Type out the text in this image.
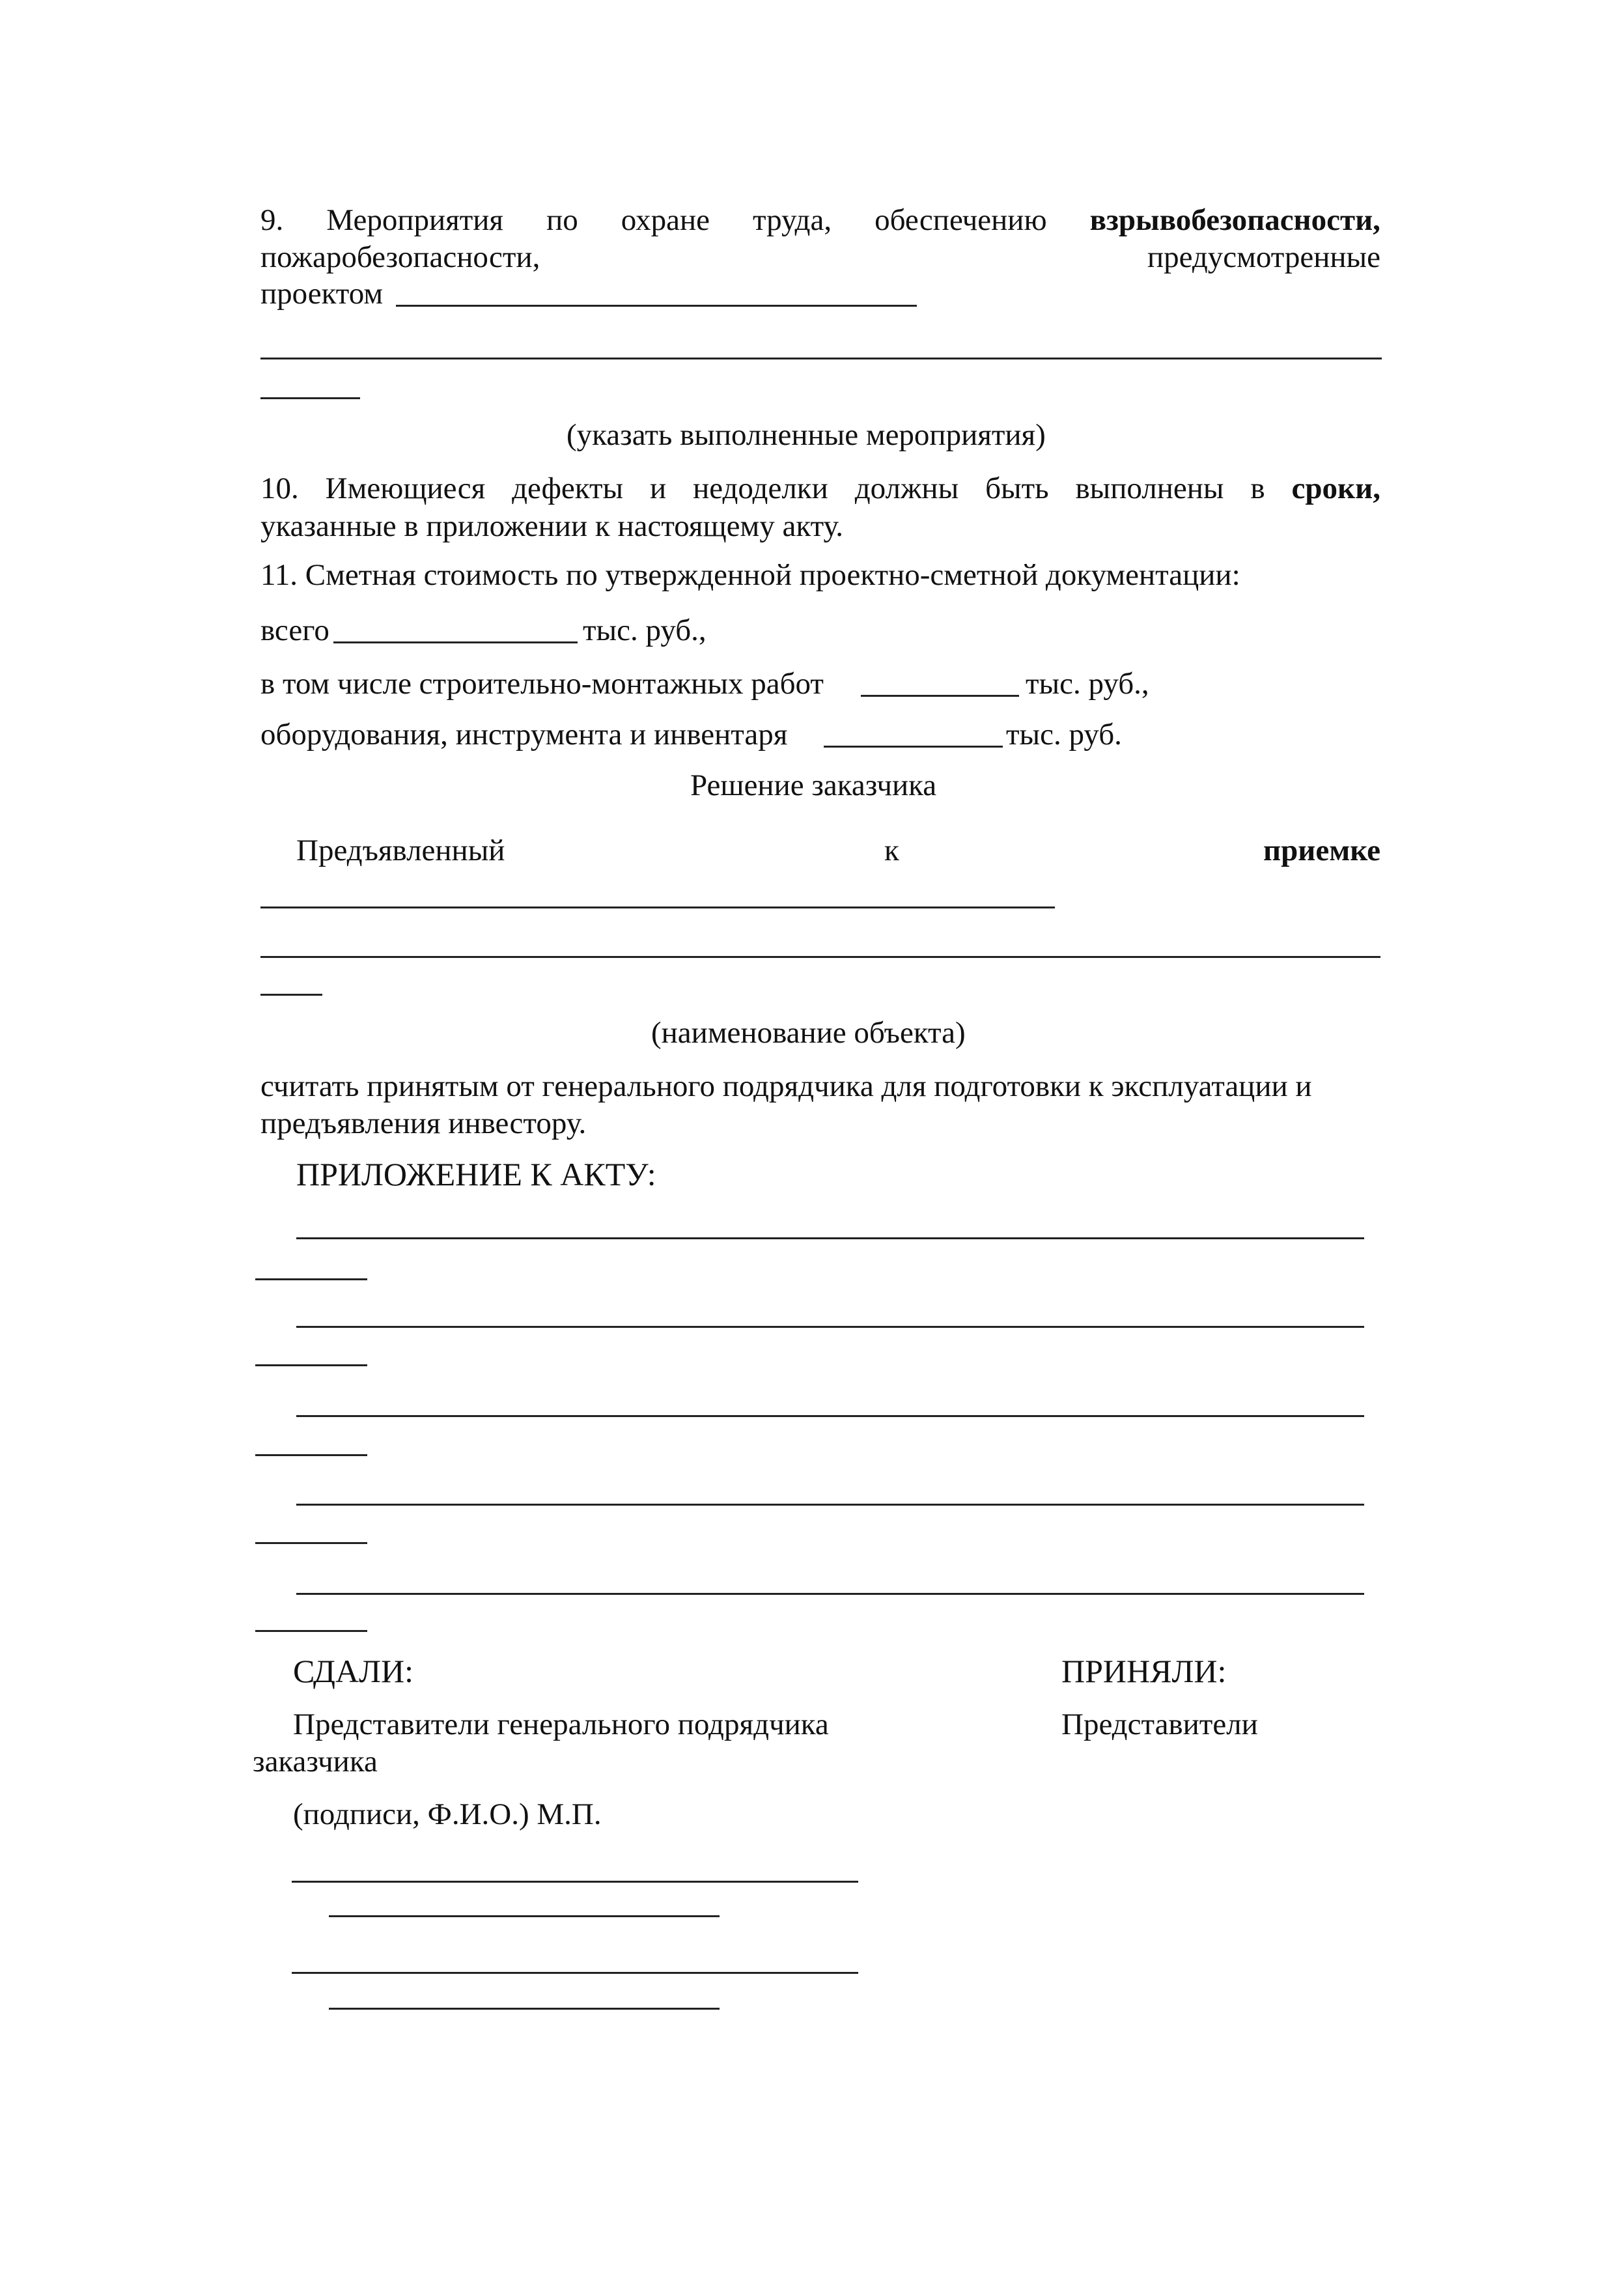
9. Мероприятия по охране труда, обеспечению взрывобезопасности,
пожаробезопасности,	предусмотренные
проектом
(указать выполненные мероприятия)
10. Имеющиеся дефекты и недоделки должны быть выполнены в сроки,
указанные в приложении к настоящему акту.
11. Сметная стоимость по утвержденной проектно-сметной документации:
всего	тыс. руб.,
в том числе строительно-монтажных работ	тыс. руб.,
оборудования, инструмента и инвентаря	тыс. руб.
Решение заказчика
Предъявленный	к	приемке
(наименование объекта)
считать принятым от генерального подрядчика для подготовки к эксплуатации и
предъявления инвестору.
ПРИЛОЖЕНИЕ К АКТУ:
СДАЛИ:	ПРИНЯЛИ:
Представители генерального подрядчика	Представители
заказчика
(подписи, Ф.И.О.) М.П.
